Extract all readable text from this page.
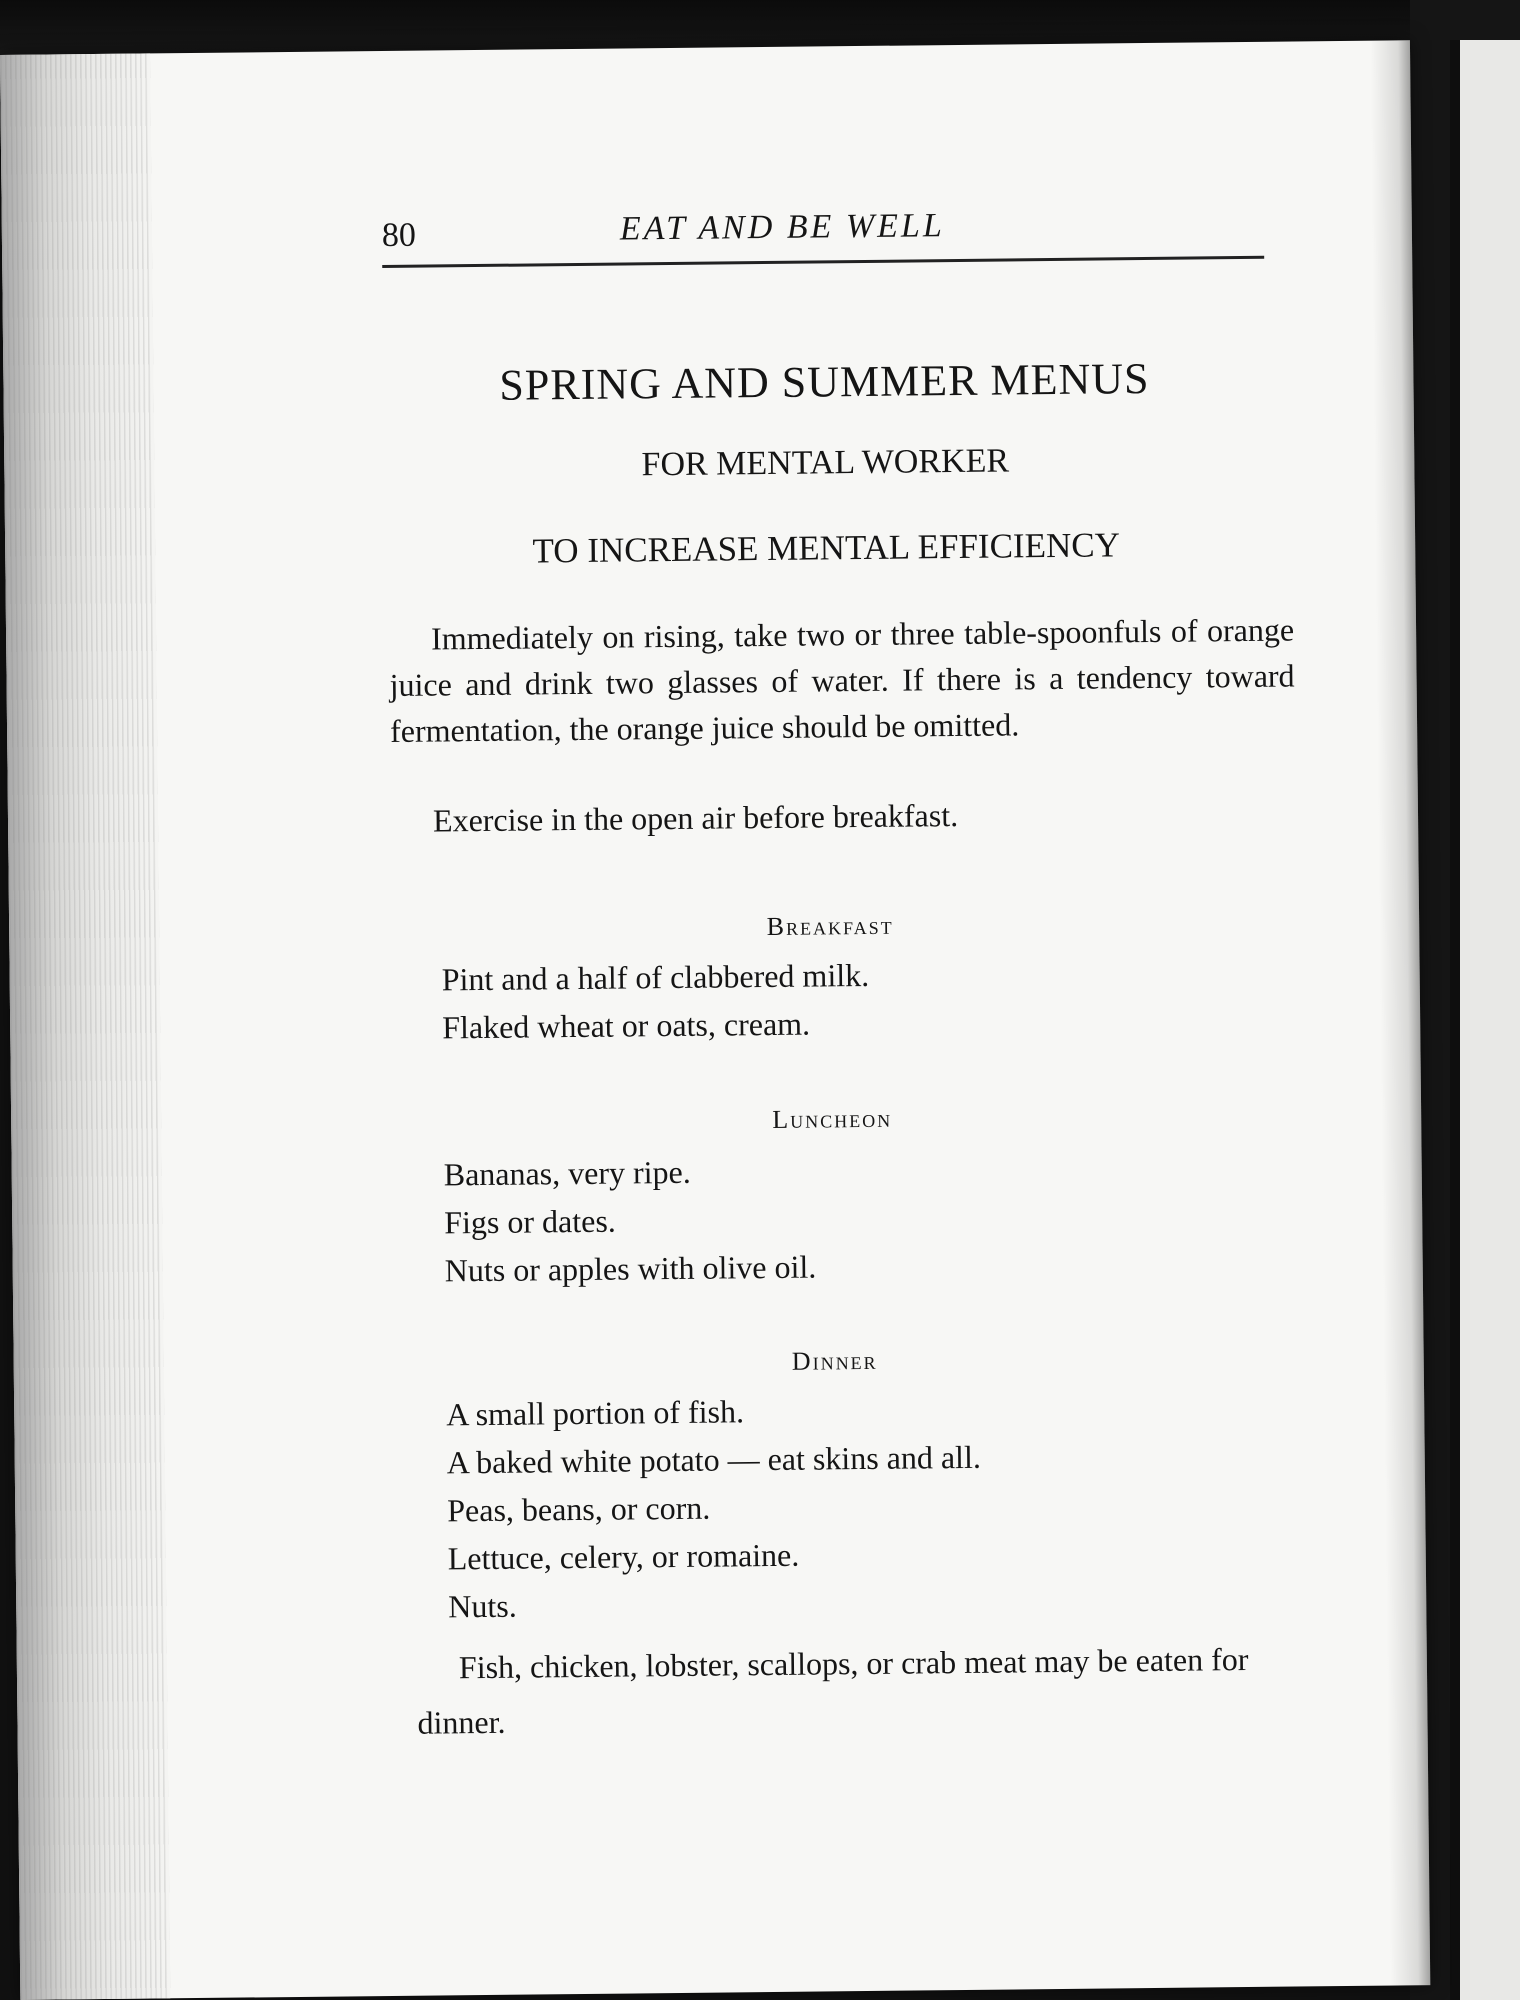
80	EAT AND BE WELL
SPRING AND SUMMER MENUS
FOR MENTAL WORKER
TO INCREASE MENTAL EFFICIENCY

Immediately on rising, take two or three table-spoonfuls of orange juice and drink two glasses of water. If there is a tendency toward fermentation, the orange juice should be omitted.

Exercise in the open air before breakfast.

Breakfast
Pint and a half of clabbered milk.
Flaked wheat or oats, cream.
Luncheon
Bananas, very ripe.
Figs or dates.
Nuts or apples with olive oil.
Dinner
A small portion of fish.
A baked white potato — eat skins and all.
Peas, beans, or corn.
Lettuce, celery, or romaine.
Nuts.

Fish, chicken, lobster, scallops, or crab meat may be eaten for dinner.
